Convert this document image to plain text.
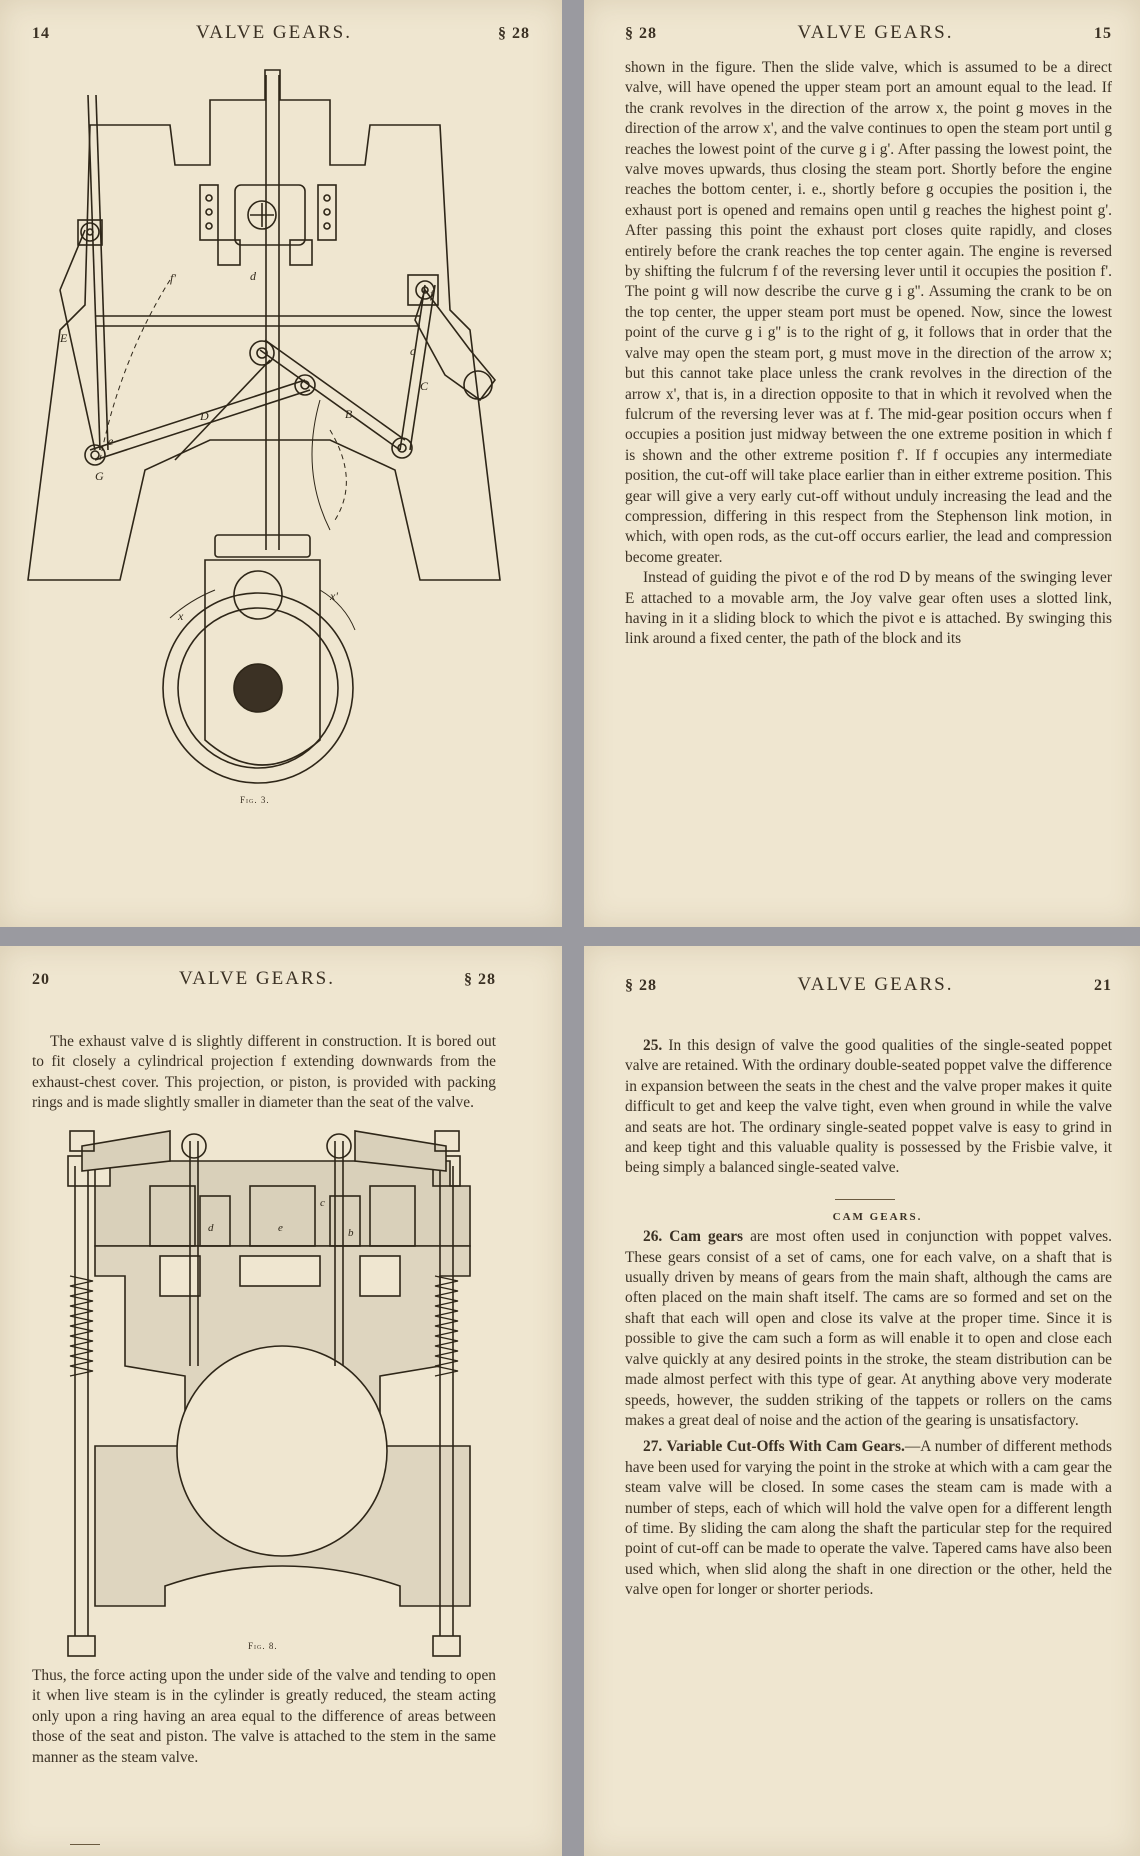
14	VALVE GEARS.	§ 28
E
e
D	B
C
f
f'
x
x'
d
G
c
Fig. 3.
§ 28	VALVE GEARS.	15

shown in the figure. Then the slide valve, which is assumed to be a direct valve, will have opened the upper steam port an amount equal to the lead. If the crank revolves in the direction of the arrow x, the point g moves in the direction of the arrow x', and the valve continues to open the steam port until g reaches the lowest point of the curve g i g'. After passing the lowest point, the valve moves upwards, thus closing the steam port. Shortly before the engine reaches the bottom center, i. e., shortly before g occupies the position i, the exhaust port is opened and remains open until g reaches the highest point g'. After passing this point the exhaust port closes quite rapidly, and closes entirely before the crank reaches the top center again. The engine is reversed by shifting the fulcrum f of the reversing lever until it occupies the position f'. The point g will now describe the curve g i g''. Assuming the crank to be on the top center, the upper steam port must be opened. Now, since the lowest point of the curve g i g'' is to the right of g, it follows that in order that the valve may open the steam port, g must move in the direction of the arrow x; but this cannot take place unless the crank revolves in the direction of the arrow x', that is, in a direction opposite to that in which it revolved when the fulcrum of the reversing lever was at f. The mid-gear position occurs when f occupies a position just midway between the one extreme position in which f is shown and the other extreme position f'. If f occupies any intermediate position, the cut-off will take place earlier than in either extreme position. This gear will give a very early cut-off without unduly increasing the lead and the compression, differing in this respect from the Stephenson link motion, in which, with open rods, as the cut-off occurs earlier, the lead and compression become greater.

Instead of guiding the pivot e of the rod D by means of the swinging lever E attached to a movable arm, the Joy valve gear often uses a slotted link, having in it a sliding block to which the pivot e is attached. By swinging this link around a fixed center, the path of the block and its

20	VALVE GEARS.	§ 28

The exhaust valve d is slightly different in construction. It is bored out to fit closely a cylindrical projection f extending downwards from the exhaust-chest cover. This projection, or piston, is provided with packing rings and is made slightly smaller in diameter than the seat of the valve.

d	e
c
b
Fig. 8.

Thus, the force acting upon the under side of the valve and tending to open it when live steam is in the cylinder is greatly reduced, the steam acting only upon a ring having an area equal to the difference of areas between those of the seat and piston. The valve is attached to the stem in the same manner as the steam valve.

§ 28	VALVE GEARS.	21

25. In this design of valve the good qualities of the single-seated poppet valve are retained. With the ordinary double-seated poppet valve the difference in expansion between the seats in the chest and the valve proper makes it quite difficult to get and keep the valve tight, even when ground in while the valve and seats are hot. The ordinary single-seated poppet valve is easy to grind in and keep tight and this valuable quality is possessed by the Frisbie valve, it being simply a balanced single-seated valve.

CAM GEARS.

26. Cam gears are most often used in conjunction with poppet valves. These gears consist of a set of cams, one for each valve, on a shaft that is usually driven by means of gears from the main shaft, although the cams are often placed on the main shaft itself. The cams are so formed and set on the shaft that each will open and close its valve at the proper time. Since it is possible to give the cam such a form as will enable it to open and close each valve quickly at any desired points in the stroke, the steam distribution can be made almost perfect with this type of gear. At anything above very moderate speeds, however, the sudden striking of the tappets or rollers on the cams makes a great deal of noise and the action of the gearing is unsatisfactory.

27. Variable Cut-Offs With Cam Gears.—A number of different methods have been used for varying the point in the stroke at which with a cam gear the steam valve will be closed. In some cases the steam cam is made with a number of steps, each of which will hold the valve open for a different length of time. By sliding the cam along the shaft the particular step for the required point of cut-off can be made to operate the valve. Tapered cams have also been used which, when slid along the shaft in one direction or the other, held the valve open for longer or shorter periods.
